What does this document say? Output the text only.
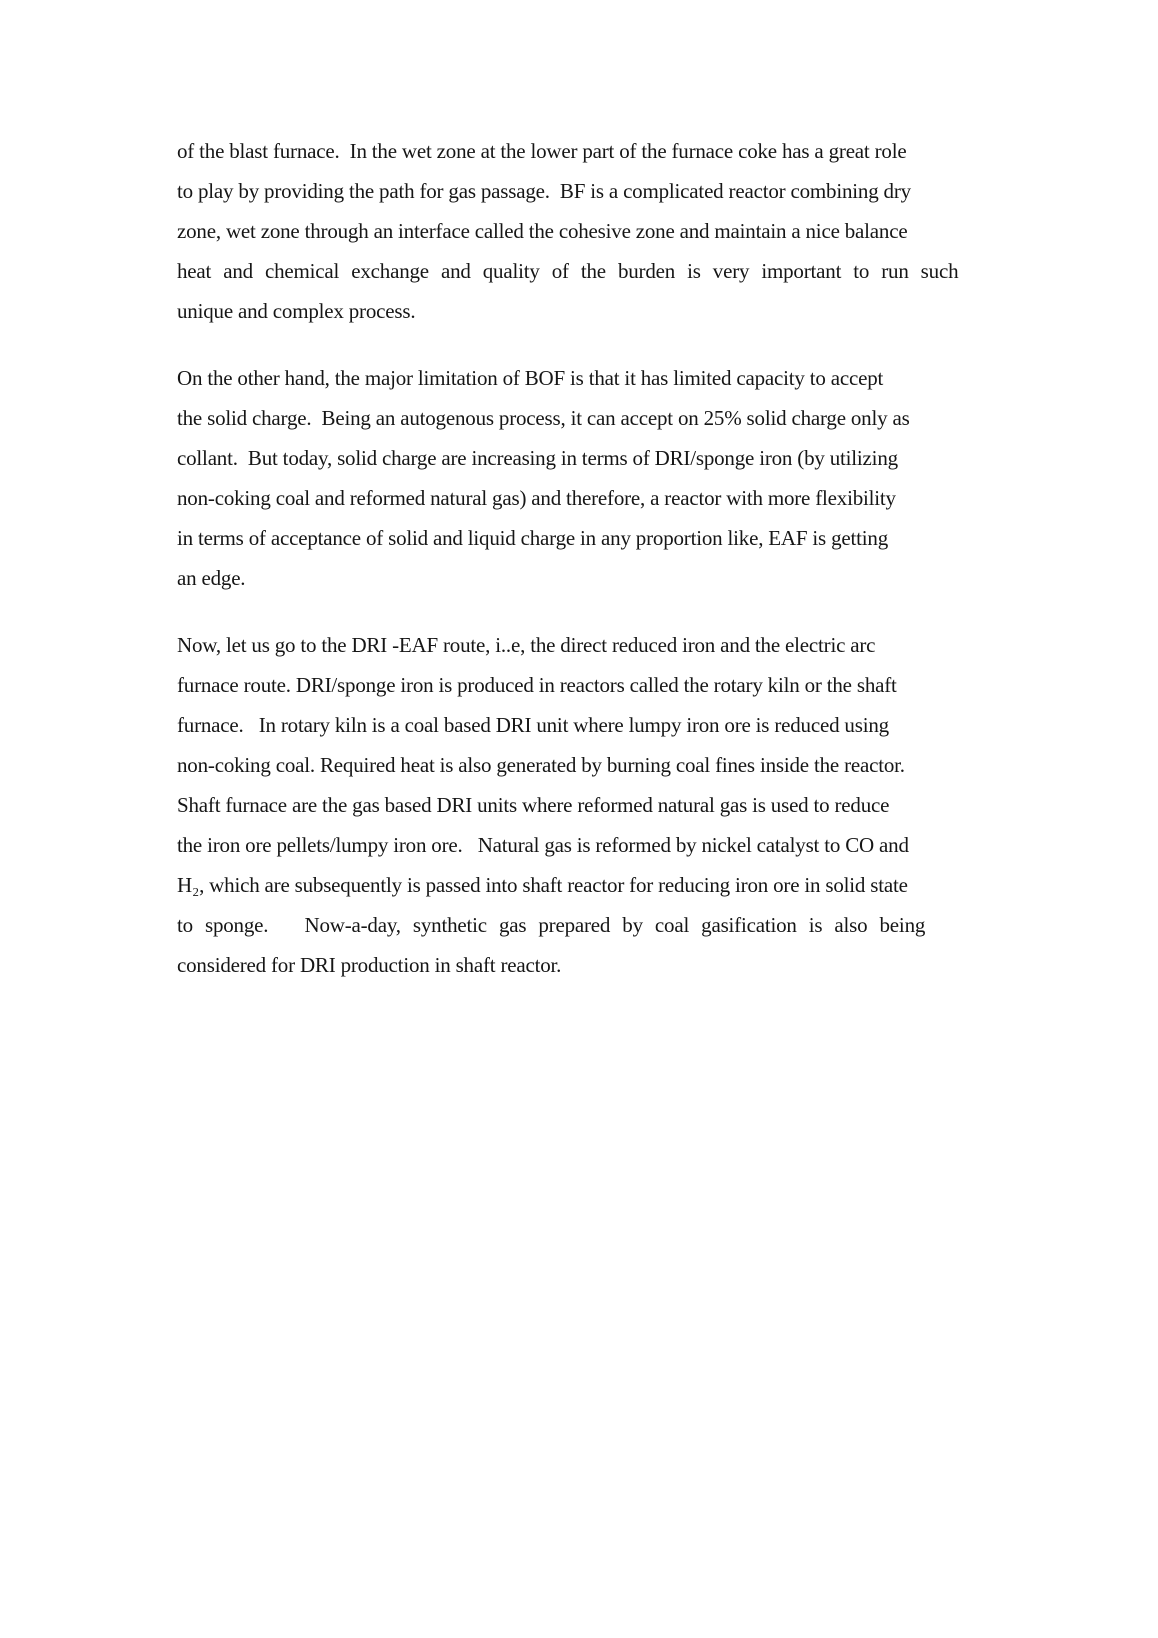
of the blast furnace.  In the wet zone at the lower part of the furnace coke has a great role
to play by providing the path for gas passage.  BF is a complicated reactor combining dry
zone, wet zone through an interface called the cohesive zone and maintain a nice balance
heat and chemical exchange and quality of the burden is very important to run such
unique and complex process.
On the other hand, the major limitation of BOF is that it has limited capacity to accept
the solid charge.  Being an autogenous process, it can accept on 25% solid charge only as
collant.  But today, solid charge are increasing in terms of DRI/sponge iron (by utilizing
non-coking coal and reformed natural gas) and therefore, a reactor with more flexibility
in terms of acceptance of solid and liquid charge in any proportion like, EAF is getting
an edge.
Now, let us go to the DRI -EAF route, i..e, the direct reduced iron and the electric arc
furnace route. DRI/sponge iron is produced in reactors called the rotary kiln or the shaft
furnace.   In rotary kiln is a coal based DRI unit where lumpy iron ore is reduced using
non-coking coal. Required heat is also generated by burning coal fines inside the reactor.
Shaft furnace are the gas based DRI units where reformed natural gas is used to reduce
the iron ore pellets/lumpy iron ore.   Natural gas is reformed by nickel catalyst to CO and
H₂, which are subsequently is passed into shaft reactor for reducing iron ore in solid state
to sponge.   Now-a-day, synthetic gas prepared by coal gasification is also being
considered for DRI production in shaft reactor.
